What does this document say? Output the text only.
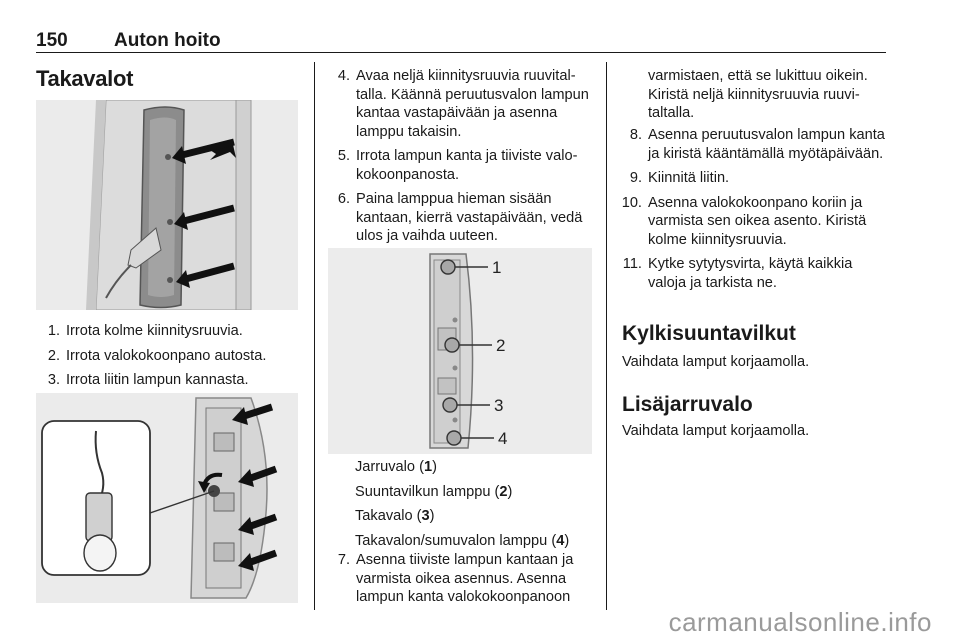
150 Auton hoito
Takavalot
1. Irrota kolme kiinnitysruuvia.
2. Irrota valokokoonpano autosta.
3. Irrota liitin lampun kannasta.
4. Avaa neljä kiinnitysruuvia ruuvitaltalla. Käännä peruutusvalon lampun kantaa vastapäivään ja asenna lamppu takaisin.
5. Irrota lampun kanta ja tiiviste valokokoonpanosta.
6. Paina lamppua hieman sisään kantaan, kierrä vastapäivään, vedä ulos ja vaihda uuteen.
1
2
3
4
Jarruvalo (1)
Suuntavilkun lamppu (2)
Takavalo (3)
Takavalon/sumuvalon lamppu (4)
7. Asenna tiiviste lampun kantaan ja varmista oikea asennus. Asenna lampun kanta valokokoonpanoon
varmistaen, että se lukittuu oikein. Kiristä neljä kiinnitysruuvia ruuvitaltalla.
8. Asenna peruutusvalon lampun kanta ja kiristä kääntämällä myötäpäivään.
9. Kiinnitä liitin.
10. Asenna valokokoonpano koriin ja varmista sen oikea asento. Kiristä kolme kiinnitysruuvia.
11. Kytke sytytysvirta, käytä kaikkia valoja ja tarkista ne.
Kylkisuuntavilkut
Vaihdata lamput korjaamolla.
Lisäjarruvalo
Vaihdata lamput korjaamolla.
carmanualsonline.info
